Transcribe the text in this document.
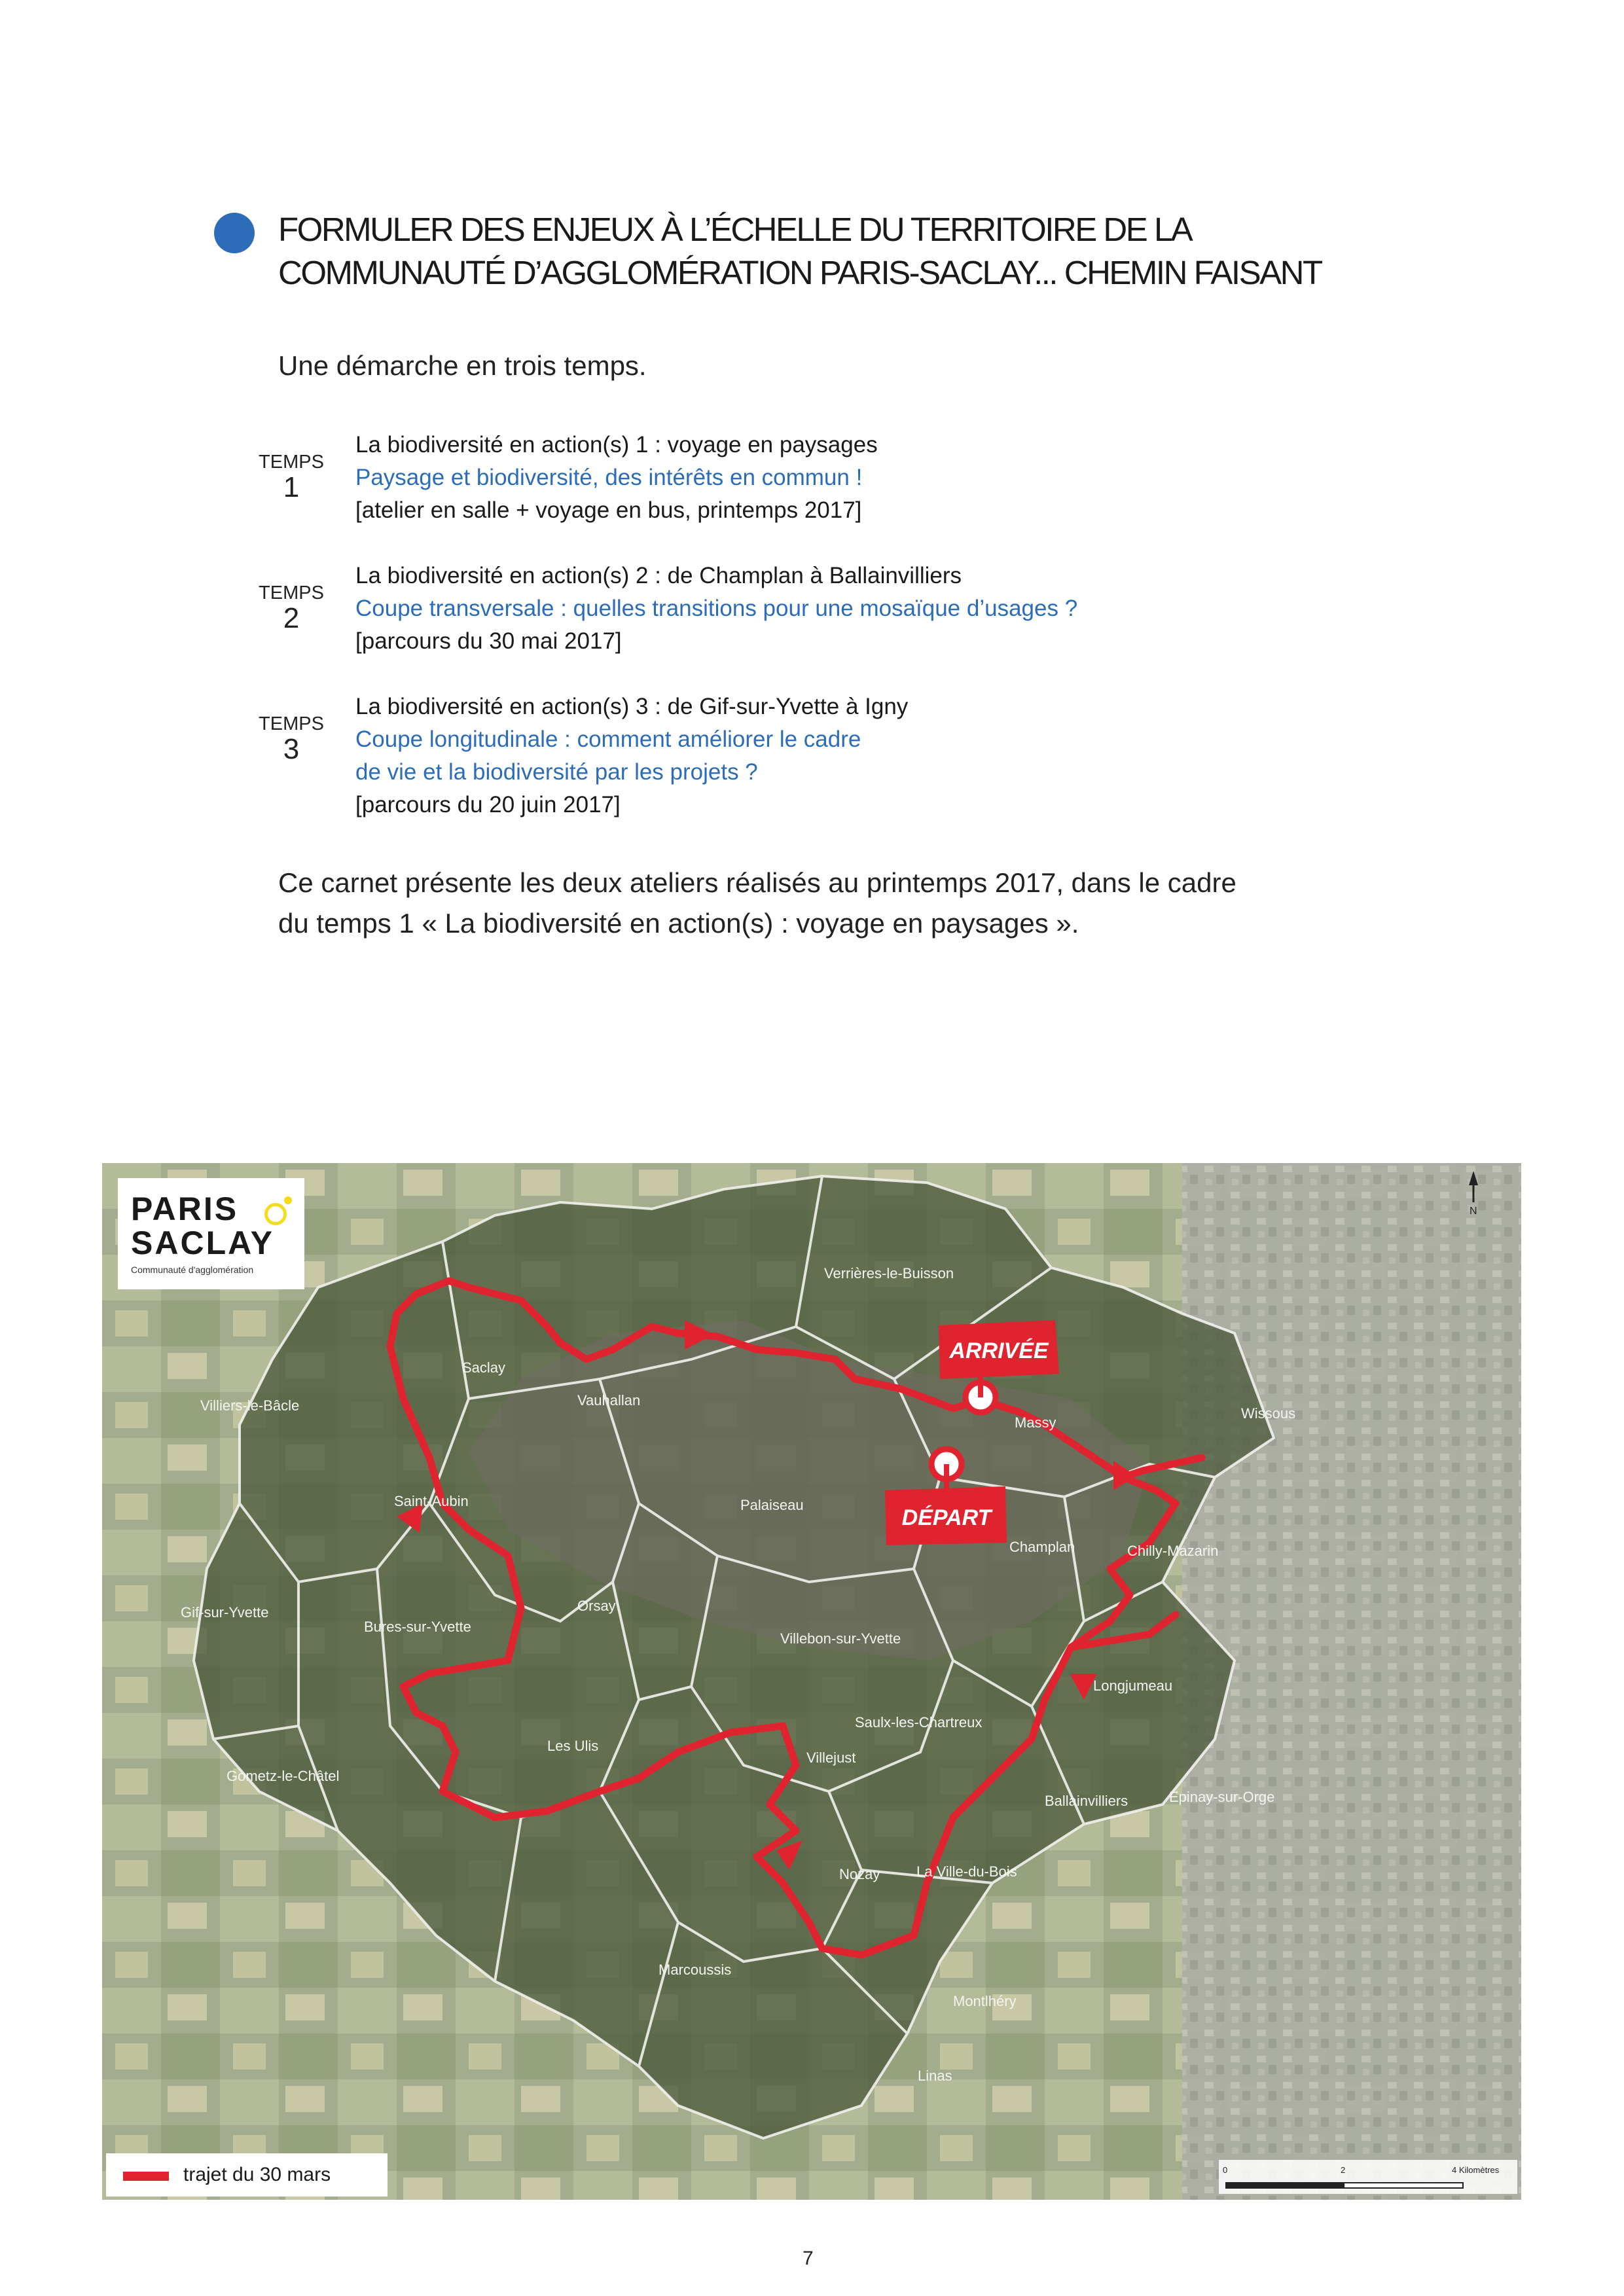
FORMULER DES ENJEUX À L’ÉCHELLE DU TERRITOIRE DE LA
COMMUNAUTÉ D’AGGLOMÉRATION PARIS-SACLAY... CHEMIN FAISANT
Une démarche en trois temps.
TEMPS
1
La biodiversité en action(s) 1 : voyage en paysages
Paysage et biodiversité, des intérêts en commun !
[atelier en salle + voyage en bus, printemps 2017]
TEMPS
2
La biodiversité en action(s) 2 : de Champlan à Ballainvilliers
Coupe transversale : quelles transitions pour une mosaïque d’usages ?
[parcours du 30 mai 2017]
TEMPS
3
La biodiversité en action(s) 3 : de Gif-sur-Yvette à Igny
Coupe longitudinale : comment améliorer le cadre
de vie et la biodiversité par les projets ?
[parcours du 20 juin 2017]
Ce carnet présente les deux ateliers réalisés au printemps 2017, dans le cadre
du temps 1 « La biodiversité en action(s) : voyage en paysages ».
ARRIVÉE
DÉPART
Verrières-le-Buisson
Saclay
Villiers-le-Bâcle	Vauhallan
Massy
Wissous
Saint-Aubin	Palaiseau
Champlan	Chilly-Mazarin
Gif-sur-Yvette
Bures-sur-Yvette
Orsay
Villebon-sur-Yvette
Longjumeau
Saulx-les-Chartreux
Les Ulis
Villejust
Gometz-le-Châtel
Ballainvilliers	Épinay-sur-Orge
Nozay	La Ville-du-Bois
Marcoussis
Montlhéry
Linas
N
PARIS
SACLAY
Communauté d'agglomération
trajet du 30 mars	0	2	4 Kilomètres
7
